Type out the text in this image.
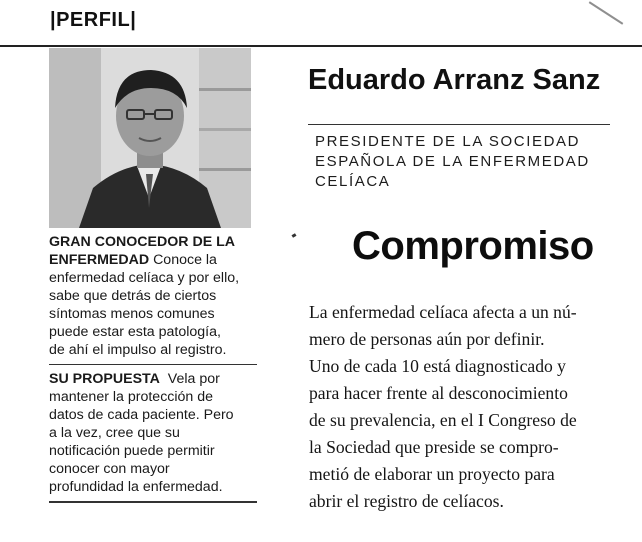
|PERFIL|
GRAN CONOCEDOR DE LA
ENFERMEDAD Conoce la
enfermedad celíaca y por ello,
sabe que detrás de ciertos
síntomas menos comunes
puede estar esta patología,
de ahí el impulso al registro.
SU PROPUESTA Vela por
mantener la protección de
datos de cada paciente. Pero
a la vez, cree que su
notificación puede permitir
conocer con mayor
profundidad la enfermedad.
Eduardo Arranz Sanz
PRESIDENTE DE LA SOCIEDAD
ESPAÑOLA DE LA ENFERMEDAD
CELÍACA
Compromiso
La enfermedad celíaca afecta a un nú-
mero de personas aún por definir.
Uno de cada 10 está diagnosticado y
para hacer frente al desconocimiento
de su prevalencia, en el I Congreso de
la Sociedad que preside se compro-
metió de elaborar un proyecto para
abrir el registro de celíacos.
